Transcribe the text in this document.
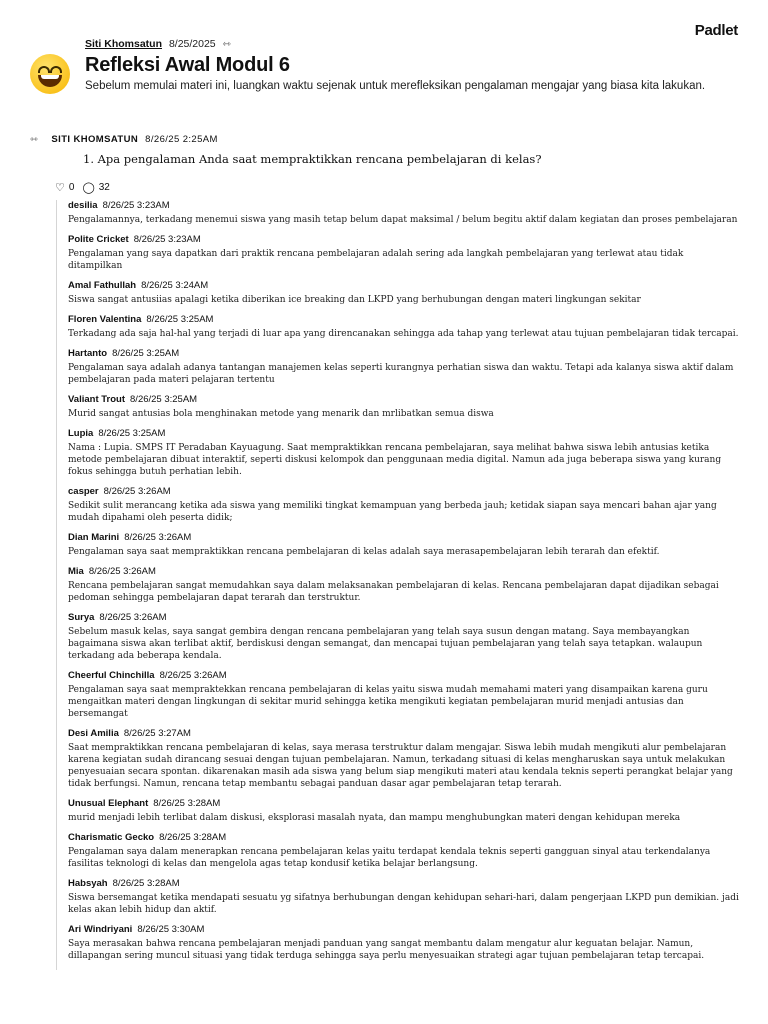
Padlet
Siti Khomsatun 8/25/2025 ⇿
Refleksi Awal Modul 6
Sebelum memulai materi ini, luangkan waktu sejenak untuk merefleksikan pengalaman mengajar yang biasa kita lakukan.
⇿ SITI KHOMSATUN 8/26/25 2:25AM
1. Apa pengalaman Anda saat mempraktikkan rencana pembelajaran di kelas?
♡ 0 ◯ 32
desilia 8/26/25 3:23AM
Pengalamannya, terkadang menemui siswa yang masih tetap belum dapat maksimal / belum begitu aktif dalam kegiatan dan proses pembelajaran
Polite Cricket 8/26/25 3:23AM
Pengalaman yang saya dapatkan dari praktik rencana pembelajaran adalah sering ada langkah pembelajaran yang terlewat atau tidak ditampilkan
Amal Fathullah 8/26/25 3:24AM
Siswa sangat antusiias apalagi ketika diberikan ice breaking dan LKPD yang berhubungan dengan materi lingkungan sekitar
Floren Valentina 8/26/25 3:25AM
Terkadang ada saja hal-hal yang terjadi di luar apa yang direncanakan sehingga ada tahap yang terlewat atau tujuan pembelajaran tidak tercapai.
Hartanto 8/26/25 3:25AM
Pengalaman saya adalah adanya tantangan manajemen kelas seperti kurangnya perhatian siswa dan waktu. Tetapi ada kalanya siswa aktif dalam pembelajaran pada materi pelajaran tertentu
Valiant Trout 8/26/25 3:25AM
Murid sangat antusias bola menghinakan metode yang menarik dan mrlibatkan semua diswa
Lupia 8/26/25 3:25AM
Nama : Lupia. SMPS IT Peradaban Kayuagung. Saat mempraktikkan rencana pembelajaran, saya melihat bahwa siswa lebih antusias ketika metode pembelajaran dibuat interaktif, seperti diskusi kelompok dan penggunaan media digital. Namun ada juga beberapa siswa yang kurang fokus sehingga butuh perhatian lebih.
casper 8/26/25 3:26AM
Sedikit sulit merancang ketika ada siswa yang memiliki tingkat kemampuan yang berbeda jauh; ketidak siapan saya mencari bahan ajar yang mudah dipahami oleh peserta didik;
Dian Marini 8/26/25 3:26AM
Pengalaman saya saat mempraktikkan rencana pembelajaran di kelas adalah saya merasapembelajaran lebih terarah dan efektif.
Mia 8/26/25 3:26AM
Rencana pembelajaran sangat memudahkan saya dalam melaksanakan pembelajaran di kelas. Rencana pembelajaran dapat dijadikan sebagai pedoman sehingga pembelajaran dapat terarah dan terstruktur.
Surya 8/26/25 3:26AM
Sebelum masuk kelas, saya sangat gembira dengan rencana pembelajaran yang telah saya susun dengan matang. Saya membayangkan bagaimana siswa akan terlibat aktif, berdiskusi dengan semangat, dan mencapai tujuan pembelajaran yang telah saya tetapkan. walaupun terkadang ada beberapa kendala.
Cheerful Chinchilla 8/26/25 3:26AM
Pengalaman saya saat mempraktekkan rencana pembelajaran di kelas yaitu siswa mudah memahami materi yang disampaikan karena guru mengaitkan materi dengan lingkungan di sekitar murid sehingga ketika mengikuti kegiatan pembelajaran murid menjadi antusias dan bersemangat
Desi Amilia 8/26/25 3:27AM
Saat mempraktikkan rencana pembelajaran di kelas, saya merasa terstruktur dalam mengajar. Siswa lebih mudah mengikuti alur pembelajaran karena kegiatan sudah dirancang sesuai dengan tujuan pembelajaran. Namun, terkadang situasi di kelas mengharuskan saya untuk melakukan penyesuaian secara spontan. dikarenakan masih ada siswa yang belum siap mengikuti materi atau kendala teknis seperti perangkat belajar yang tidak berfungsi. Namun, rencana tetap membantu sebagai panduan dasar agar pembelajaran tetap terarah.
Unusual Elephant 8/26/25 3:28AM
murid menjadi lebih terlibat dalam diskusi, eksplorasi masalah nyata, dan mampu menghubungkan materi dengan kehidupan mereka
Charismatic Gecko 8/26/25 3:28AM
Pengalaman saya dalam menerapkan rencana pembelajaran kelas yaitu terdapat kendala teknis seperti gangguan sinyal atau terkendalanya fasilitas teknologi di kelas dan mengelola agas tetap kondusif ketika belajar berlangsung.
Habsyah 8/26/25 3:28AM
Siswa bersemangat ketika mendapati sesuatu yg sifatnya berhubungan dengan kehidupan sehari-hari, dalam pengerjaan LKPD pun demikian. jadi kelas akan lebih hidup dan aktif.
Ari Windriyani 8/26/25 3:30AM
Saya merasakan bahwa rencana pembelajaran menjadi panduan yang sangat membantu dalam mengatur alur keguatan belajar. Namun, dillapangan sering muncul situasi yang tidak terduga sehingga saya perlu menyesuaikan strategi agar tujuan pembelajaran tetap tercapai.
